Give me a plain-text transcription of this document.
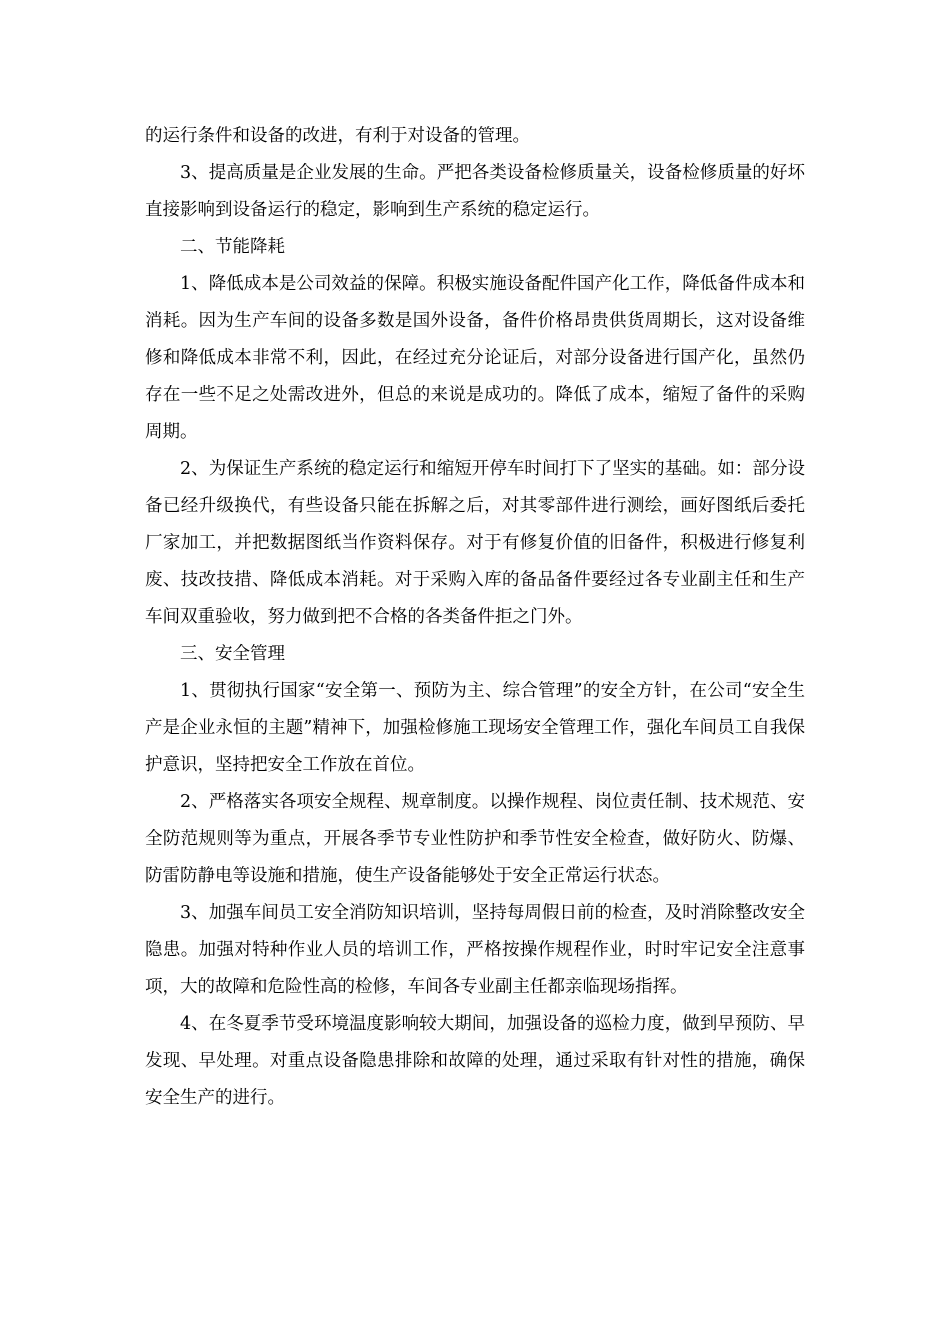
的运行条件和设备的改进，有利于对设备的管理。

3、提高质量是企业发展的生命。严把各类设备检修质量关，设备检修质量的好坏直接影响到设备运行的稳定，影响到生产系统的稳定运行。

二、节能降耗

1、降低成本是公司效益的保障。积极实施设备配件国产化工作，降低备件成本和消耗。因为生产车间的设备多数是国外设备，备件价格昂贵供货周期长，这对设备维修和降低成本非常不利，因此，在经过充分论证后，对部分设备进行国产化，虽然仍存在一些不足之处需改进外，但总的来说是成功的。降低了成本，缩短了备件的采购周期。

2、为保证生产系统的稳定运行和缩短开停车时间打下了坚实的基础。如：部分设备已经升级换代，有些设备只能在拆解之后，对其零部件进行测绘，画好图纸后委托厂家加工，并把数据图纸当作资料保存。对于有修复价值的旧备件，积极进行修复利废、技改技措、降低成本消耗。对于采购入库的备品备件要经过各专业副主任和生产车间双重验收，努力做到把不合格的各类备件拒之门外。

三、安全管理

1、贯彻执行国家“安全第一、预防为主、综合管理”的安全方针，在公司“安全生产是企业永恒的主题”精神下，加强检修施工现场安全管理工作，强化车间员工自我保护意识，坚持把安全工作放在首位。

2、严格落实各项安全规程、规章制度。以操作规程、岗位责任制、技术规范、安全防范规则等为重点，开展各季节专业性防护和季节性安全检查，做好防火、防爆、防雷防静电等设施和措施，使生产设备能够处于安全正常运行状态。

3、加强车间员工安全消防知识培训，坚持每周假日前的检查，及时消除整改安全隐患。加强对特种作业人员的培训工作，严格按操作规程作业，时时牢记安全注意事项，大的故障和危险性高的检修，车间各专业副主任都亲临现场指挥。

4、在冬夏季节受环境温度影响较大期间，加强设备的巡检力度，做到早预防、早发现、早处理。对重点设备隐患排除和故障的处理，通过采取有针对性的措施，确保安全生产的进行。
